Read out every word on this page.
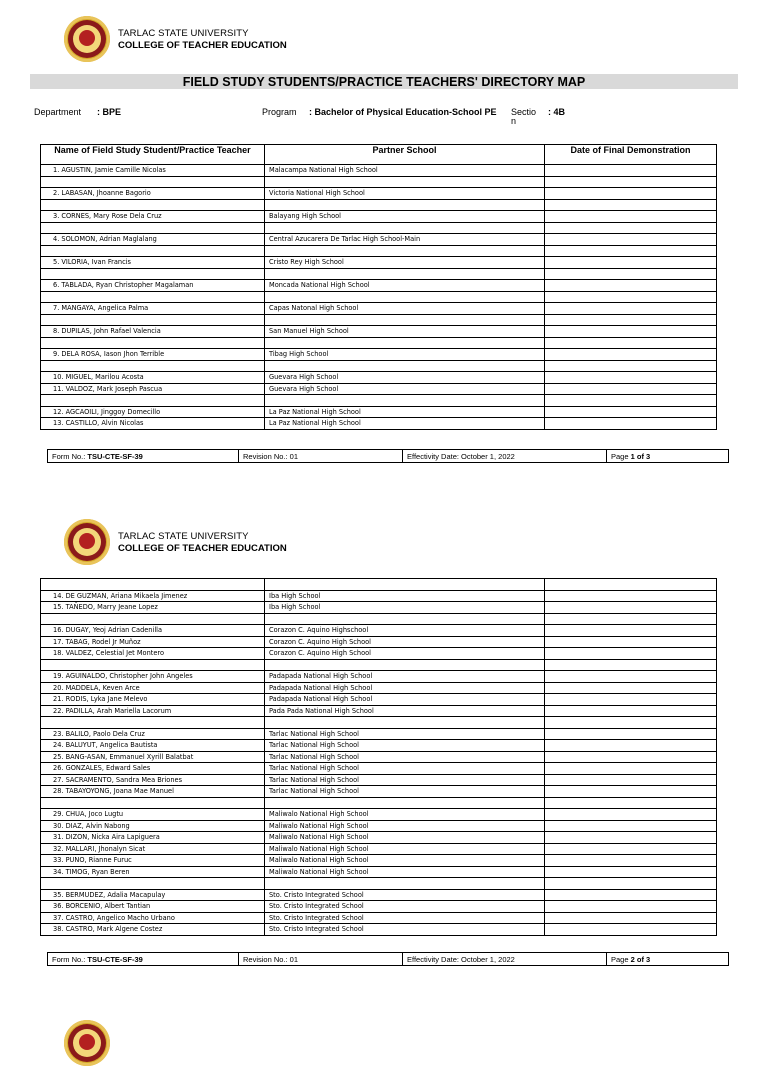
TARLAC STATE UNIVERSITY
COLLEGE OF TEACHER EDUCATION
FIELD STUDY STUDENTS/PRACTICE TEACHERS' DIRECTORY MAP
Department : BPE	Program : Bachelor of Physical Education-School PE Sectio
n
: 4B
Name of Field Study Student/Practice Teacher	Partner School	Date of Final Demonstration
1. AGUSTIN, Jamie Camille Nicolas	Malacampa National High School	

2. LABASAN, Jhoanne Bagorio	Victoria National High School	

3. CORNES, Mary Rose Dela Cruz	Balayang High School	

4. SOLOMON, Adrian Maglalang	Central Azucarera De Tarlac High School-Main	

5. VILORIA, Ivan Francis	Cristo Rey High School	

6. TABLADA, Ryan Christopher Magalaman	Moncada National High School	

7. MANGAYA, Angelica Palma	Capas Natonal High School	

8. DUPILAS, John Rafael Valencia	San Manuel High School	

9. DELA ROSA, Iason Jhon Terrible	Tibag High School	

10. MIGUEL, Marilou Acosta	Guevara High School	
11. VALDOZ, Mark Joseph Pascua	Guevara High School	

12. AGCAOILI, Jinggoy Domecillo	La Paz National High School	
13. CASTILLO, Alvin Nicolas	La Paz National High School	
Form No.: TSU-CTE-SF-39	Revision No.: 01	Effectivity Date: October 1, 2022	Page 1 of 3
TARLAC STATE UNIVERSITY
COLLEGE OF TEACHER EDUCATION

14. DE GUZMAN, Ariana Mikaela Jimenez	Iba High School	
15. TAÑEDO, Marry Jeane Lopez	Iba High School	

16. DUGAY, Yeoj Adrian Cadenilla	Corazon C. Aquino Highschool	
17. TABAG, Rodel Jr Muñoz	Corazon C. Aquino High School	
18. VALDEZ, Celestial Jet Montero	Corazon C. Aquino High School	

19. AGUINALDO, Christopher John Angeles	Padapada National High School	
20. MADDELA, Keven Arce	Padapada National High School	
21. RODIS, Lyka Jane Melevo	Padapada National High School	
22. PADILLA, Arah Mariella Lacorum	Pada Pada National High School	

23. BALILO, Paolo Dela Cruz	Tarlac National High School	
24. BALUYUT, Angelica Bautista	Tarlac National High School	
25. BANG-ASAN, Emmanuel Xyrill Balatbat	Tarlac National High School	
26. GONZALES, Edward Sales	Tarlac National High School	
27. SACRAMENTO, Sandra Mea Briones	Tarlac National High School	
28. TABAYOYONG, Joana Mae Manuel	Tarlac National High School	

29. CHUA, Joco Lugtu	Maliwalo National High School	
30. DIAZ, Alvin Nabong	Maliwalo National High School	
31. DIZON, Nicka Aira Lapiguera	Maliwalo National High School	
32. MALLARI, Jhonalyn Sicat	Maliwalo National High School	
33. PUNO, Rianne Furuc	Maliwalo National High School	
34. TIMOG, Ryan Beren	Maliwalo National High School	

35. BERMUDEZ, Adalia Macapulay	Sto. Cristo Integrated School	
36. BORCENIO, Albert Tantian	Sto. Cristo Integrated School	
37. CASTRO, Angelico Macho Urbano	Sto. Cristo Integrated School	
38. CASTRO, Mark Algene Costez	Sto. Cristo Integrated School	
Form No.: TSU-CTE-SF-39	Revision No.: 01	Effectivity Date: October 1, 2022	Page 2 of 3
